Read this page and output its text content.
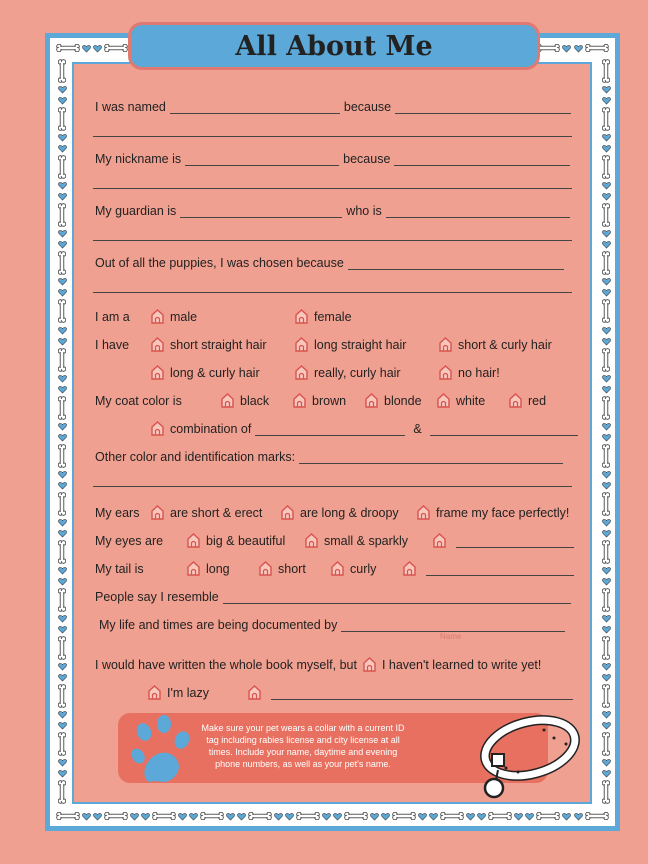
All About Me
I was named	because
My nickname is	because
My guardian is	who is
Out of all the puppies, I was chosen because
I am a	male	female
I have	short straight hair	long straight hair	short & curly hair
long & curly hair	really, curly hair	no hair!
My coat color is	black	brown	blonde	white	red
combination of	&
Other color and identification marks:
My ears	are short & erect	are long & droopy	frame my face perfectly!
My eyes are	big & beautiful	small & sparkly
My tail is	long	short	curly
People say I resemble
My life and times are being documented by
Name
I would have written the whole book myself, but I haven't learned to write yet!
I'm lazy

Make sure your pet wears a collar with a current ID tag including rabies license and city license at all times. Include your name, daytime and evening phone numbers, as well as your pet's name.
